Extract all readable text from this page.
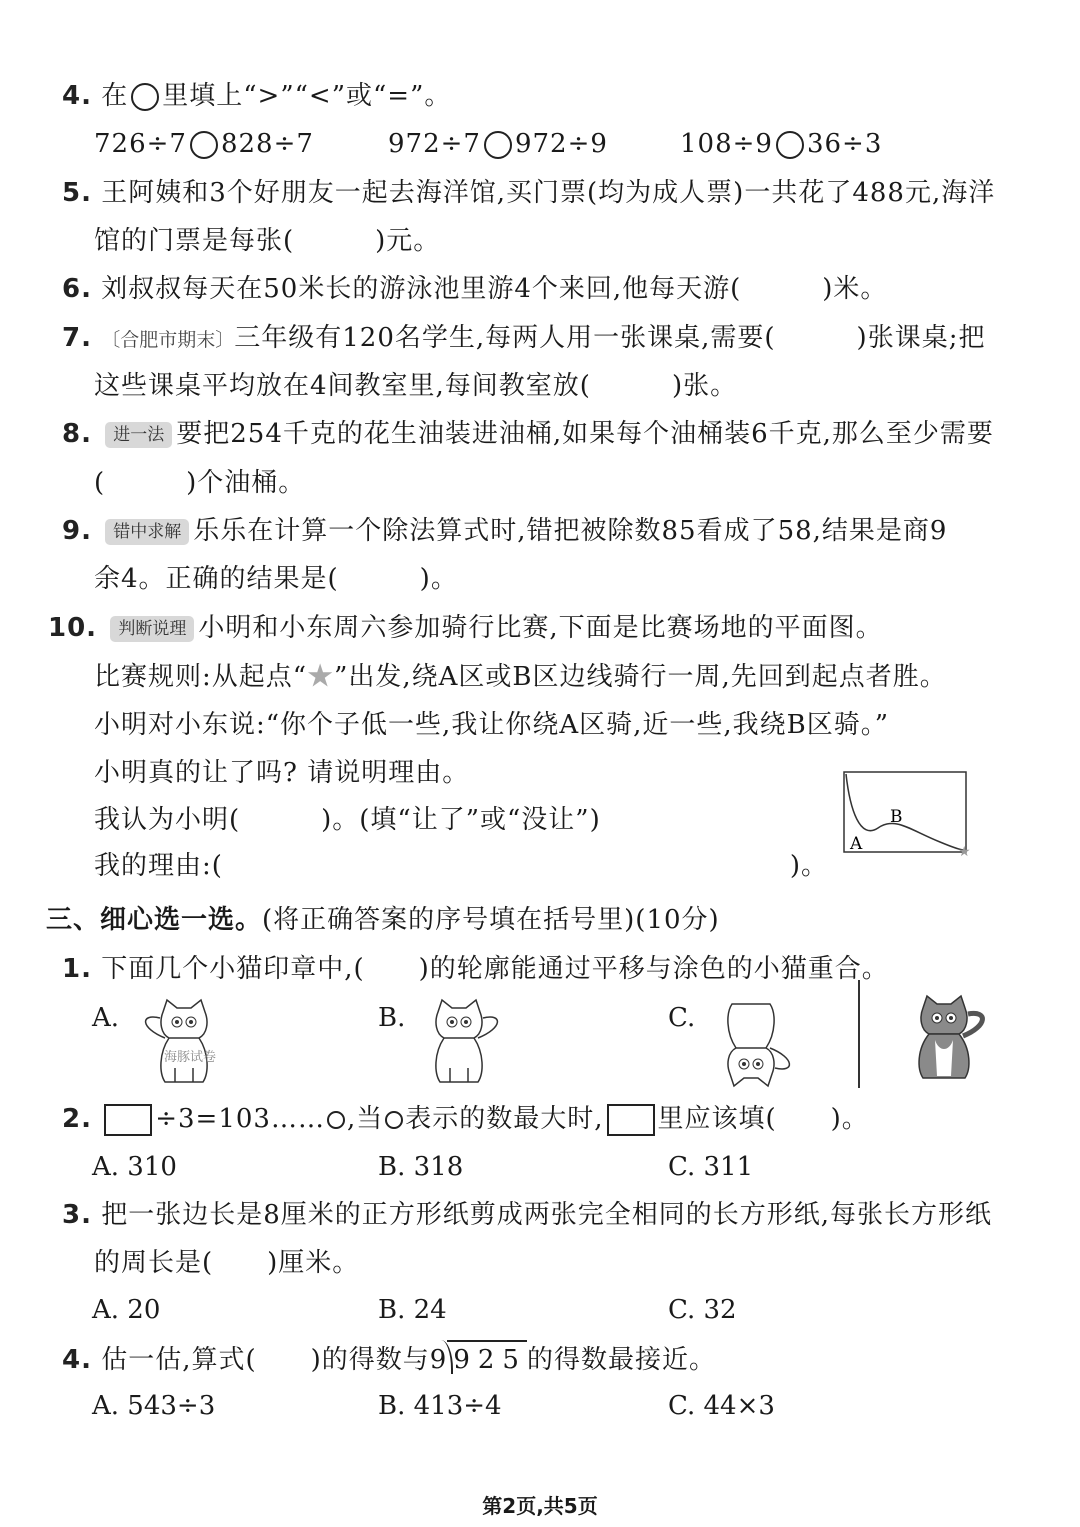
4. 在 里填上“>”“<”或“=”。
726÷7 828÷7	972÷7 972÷9	108÷9 36÷3
5. 王阿姨和3个好朋友一起去海洋馆,买门票(均为成人票)一共花了488元,海洋
馆的门票是每张(　　　)元。
6. 刘叔叔每天在50米长的游泳池里游4个来回,他每天游(　　　)米。
7. 〔合肥市期末〕三年级有120名学生,每两人用一张课桌,需要(　　　)张课桌;把
这些课桌平均放在4间教室里,每间教室放(　　　)张。
8. 进一法 要把254千克的花生油装进油桶,如果每个油桶装6千克,那么至少需要
(　　　)个油桶。
9. 错中求解 乐乐在计算一个除法算式时,错把被除数85看成了58,结果是商9
余4。正确的结果是(　　　)。
10. 判断说理 小明和小东周六参加骑行比赛,下面是比赛场地的平面图。
比赛规则:从起点“★”出发,绕A区或B区边线骑行一周,先回到起点者胜。
小明对小东说:“你个子低一些,我让你绕A区骑,近一些,我绕B区骑。”
小明真的让了吗? 请说明理由。
我认为小明(　　　)。(填“让了”或“没让”)
我的理由:(　　　　　　　　　　　　　　　　　　　　　)。
A
B
★
三、细心选一选。(将正确答案的序号填在括号里)(10分)
1. 下面几个小猫印章中,(　　)的轮廓能通过平移与涂色的小猫重合。
A.	B.	C.
海豚试卷
2. ÷3=103…… ,当 表示的数最大时, 里应该填(　　)。
A. 310	B. 318	C. 311
3. 把一张边长是8厘米的正方形纸剪成两张完全相同的长方形纸,每张长方形纸
的周长是(　　)厘米。
A. 20	B. 24	C. 32
4. 估一估,算式(　　)的得数与9 925的得数最接近。
A. 543÷3	B. 413÷4	C. 44×3
第2页,共5页
